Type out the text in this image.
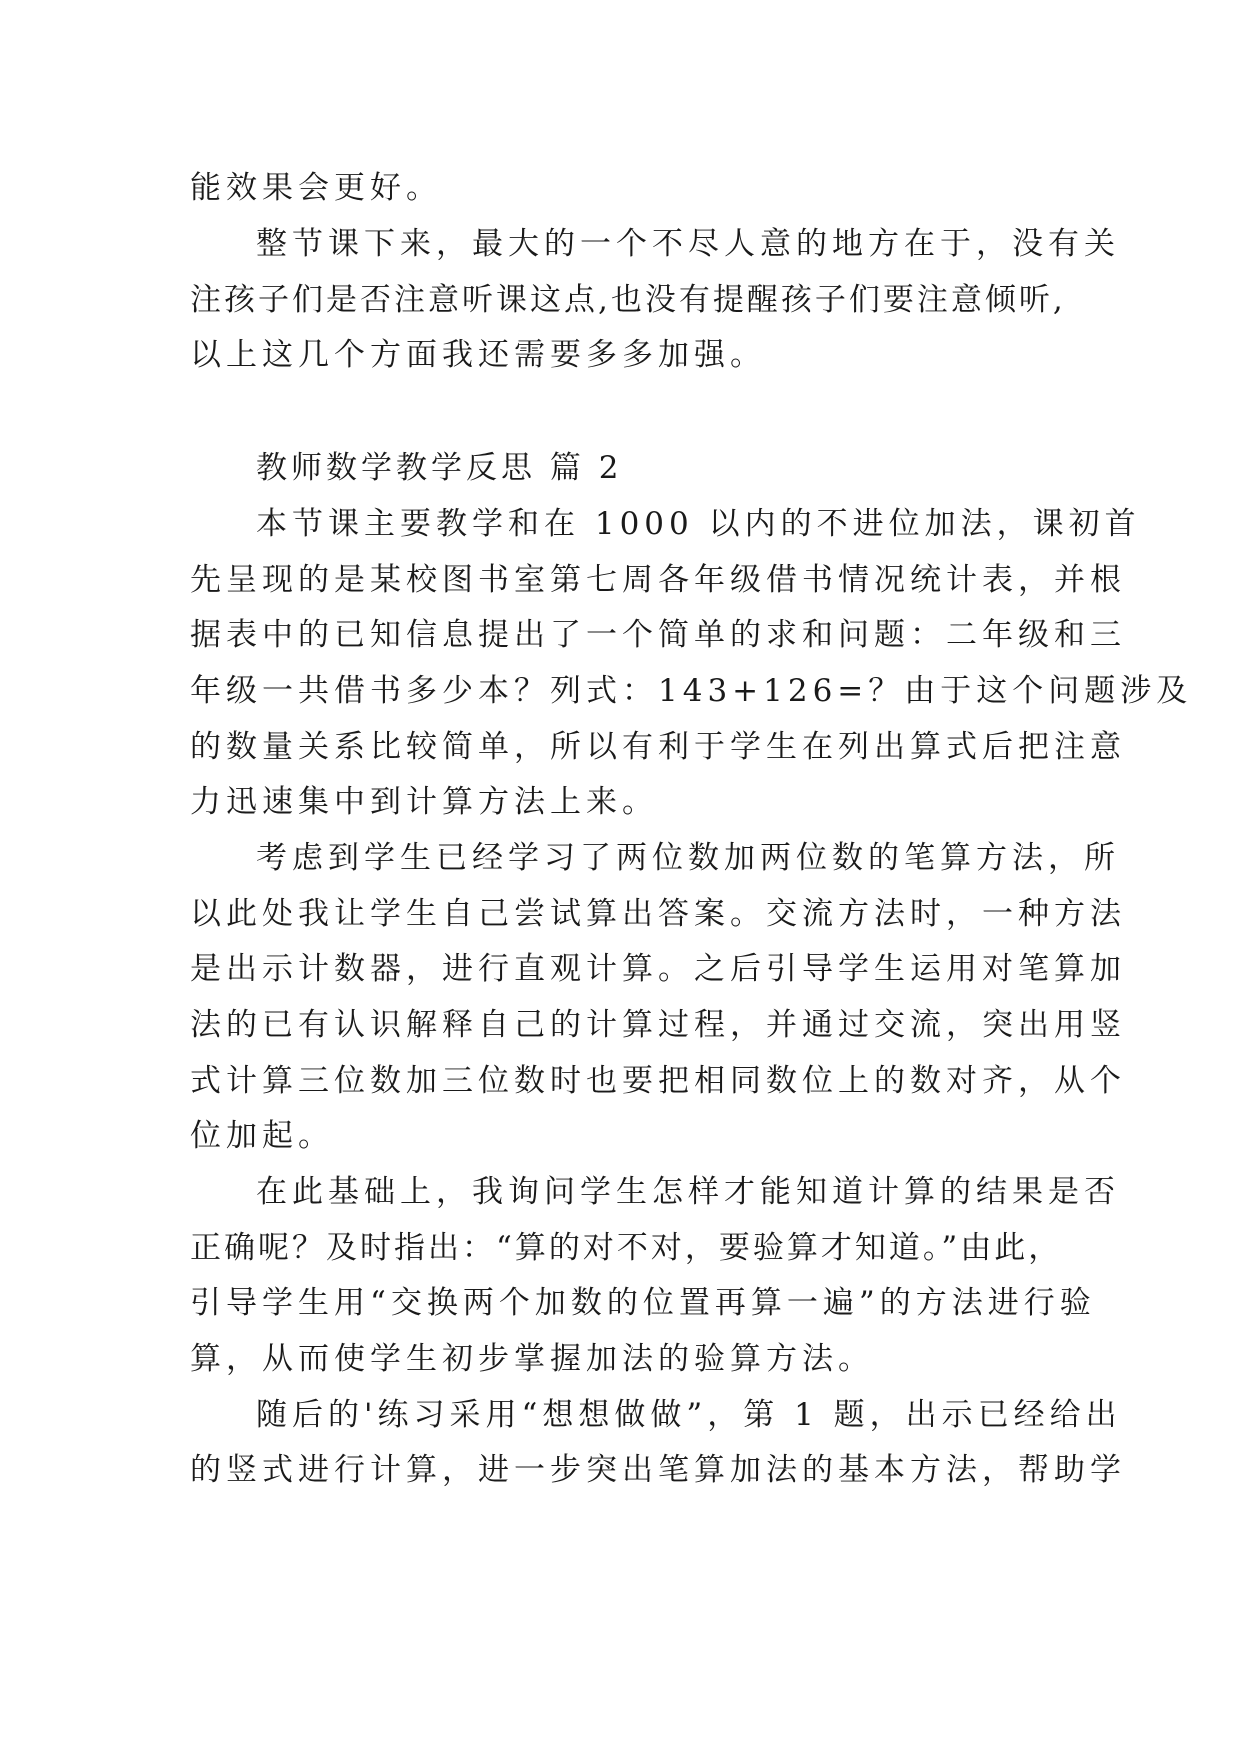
能效果会更好。
整节课下来，最大的一个不尽人意的地方在于，没有关
注孩子们是否注意听课这点,也没有提醒孩子们要注意倾听,
以上这几个方面我还需要多多加强。
教师数学教学反思 篇 2
本节课主要教学和在 1000 以内的不进位加法，课初首
先呈现的是某校图书室第七周各年级借书情况统计表，并根
据表中的已知信息提出了一个简单的求和问题：二年级和三
年级一共借书多少本？列式：143+126=？由于这个问题涉及
的数量关系比较简单，所以有利于学生在列出算式后把注意
力迅速集中到计算方法上来。
考虑到学生已经学习了两位数加两位数的笔算方法，所
以此处我让学生自己尝试算出答案。交流方法时，一种方法
是出示计数器，进行直观计算。之后引导学生运用对笔算加
法的已有认识解释自己的计算过程，并通过交流，突出用竖
式计算三位数加三位数时也要把相同数位上的数对齐，从个
位加起。
在此基础上，我询问学生怎样才能知道计算的结果是否
正确呢？及时指出：“算的对不对，要验算才知道。”由此，
引导学生用“交换两个加数的位置再算一遍”的方法进行验
算，从而使学生初步掌握加法的验算方法。
随后的'练习采用“想想做做”，第 1 题，出示已经给出
的竖式进行计算，进一步突出笔算加法的基本方法，帮助学
